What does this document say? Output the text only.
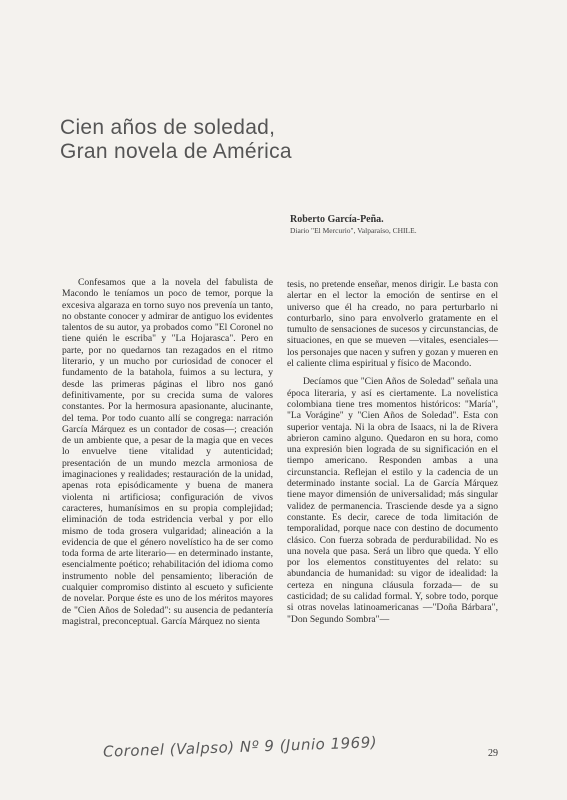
Cien años de soledad,
Gran novela de América
Roberto García-Peña.
Diario "El Mercurio", Valparaíso, CHILE.

Confesamos que a la novela del fabulista de Macondo le teníamos un poco de temor, porque la excesiva algaraza en torno suyo nos prevenía un tanto, no obstante conocer y admirar de antiguo los evidentes talentos de su autor, ya probados como "El Coronel no tiene quién le escriba" y "La Hojarasca". Pero en parte, por no quedarnos tan rezagados en el ritmo literario, y un mucho por curiosidad de conocer el fundamento de la batahola, fuimos a su lectura, y desde las primeras páginas el libro nos ganó definitivamente, por su crecida suma de valores constantes. Por la hermosura apasionante, alucinante, del tema. Por todo cuanto allí se congrega: narración García Márquez es un contador de cosas—; creación de un ambiente que, a pesar de la magia que en veces lo envuelve tiene vitalidad y autenticidad; presentación de un mundo mezcla armoniosa de imaginaciones y realidades; restauración de la unidad, apenas rota episódicamente y buena de manera violenta ni artificiosa; configuración de vivos caracteres, humanísimos en su propia complejidad; eliminación de toda estridencia verbal y por ello mismo de toda grosera vulgaridad; alineación a la evidencia de que el género novelístico ha de ser como toda forma de arte literario— en determinado instante, esencialmente poético; rehabilitación del idioma como instrumento noble del pensamiento; liberación de cualquier compromiso distinto al escueto y suficiente de novelar. Porque éste es uno de los méritos mayores de "Cien Años de Soledad": su ausencia de pedantería magistral, preconceptual. García Márquez no sienta

tesis, no pretende enseñar, menos dirigir. Le basta con alertar en el lector la emoción de sentirse en el universo que él ha creado, no para perturbarlo ni conturbarlo, sino para envolverlo gratamente en el tumulto de sensaciones de sucesos y circunstancias, de situaciones, en que se mueven —vitales, esenciales— los personajes que nacen y sufren y gozan y mueren en el caliente clima espiritual y físico de Macondo.

Decíamos que "Cien Años de Soledad" señala una época literaria, y así es ciertamente. La novelística colombiana tiene tres momentos históricos: "María", "La Vorágine" y "Cien Años de Soledad". Esta con superior ventaja. Ni la obra de Isaacs, ni la de Rivera abrieron camino alguno. Quedaron en su hora, como una expresión bien lograda de su significación en el tiempo americano. Responden ambas a una circunstancia. Reflejan el estilo y la cadencia de un determinado instante social. La de García Márquez tiene mayor dimensión de universalidad; más singular validez de permanencia. Trasciende desde ya a signo constante. Es decir, carece de toda limitación de temporalidad, porque nace con destino de documento clásico. Con fuerza sobrada de perdurabilidad. No es una novela que pasa. Será un libro que queda. Y ello por los elementos constituyentes del relato: su abundancia de humanidad: su vigor de idealidad: la certeza en ninguna cláusula forzada— de su casticidad; de su calidad formal. Y, sobre todo, porque si otras novelas latinoamericanas —"Doña Bárbara", "Don Segundo Sombra"—

Coronel (Valpso) Nº 9 (Junio 1969)	29
